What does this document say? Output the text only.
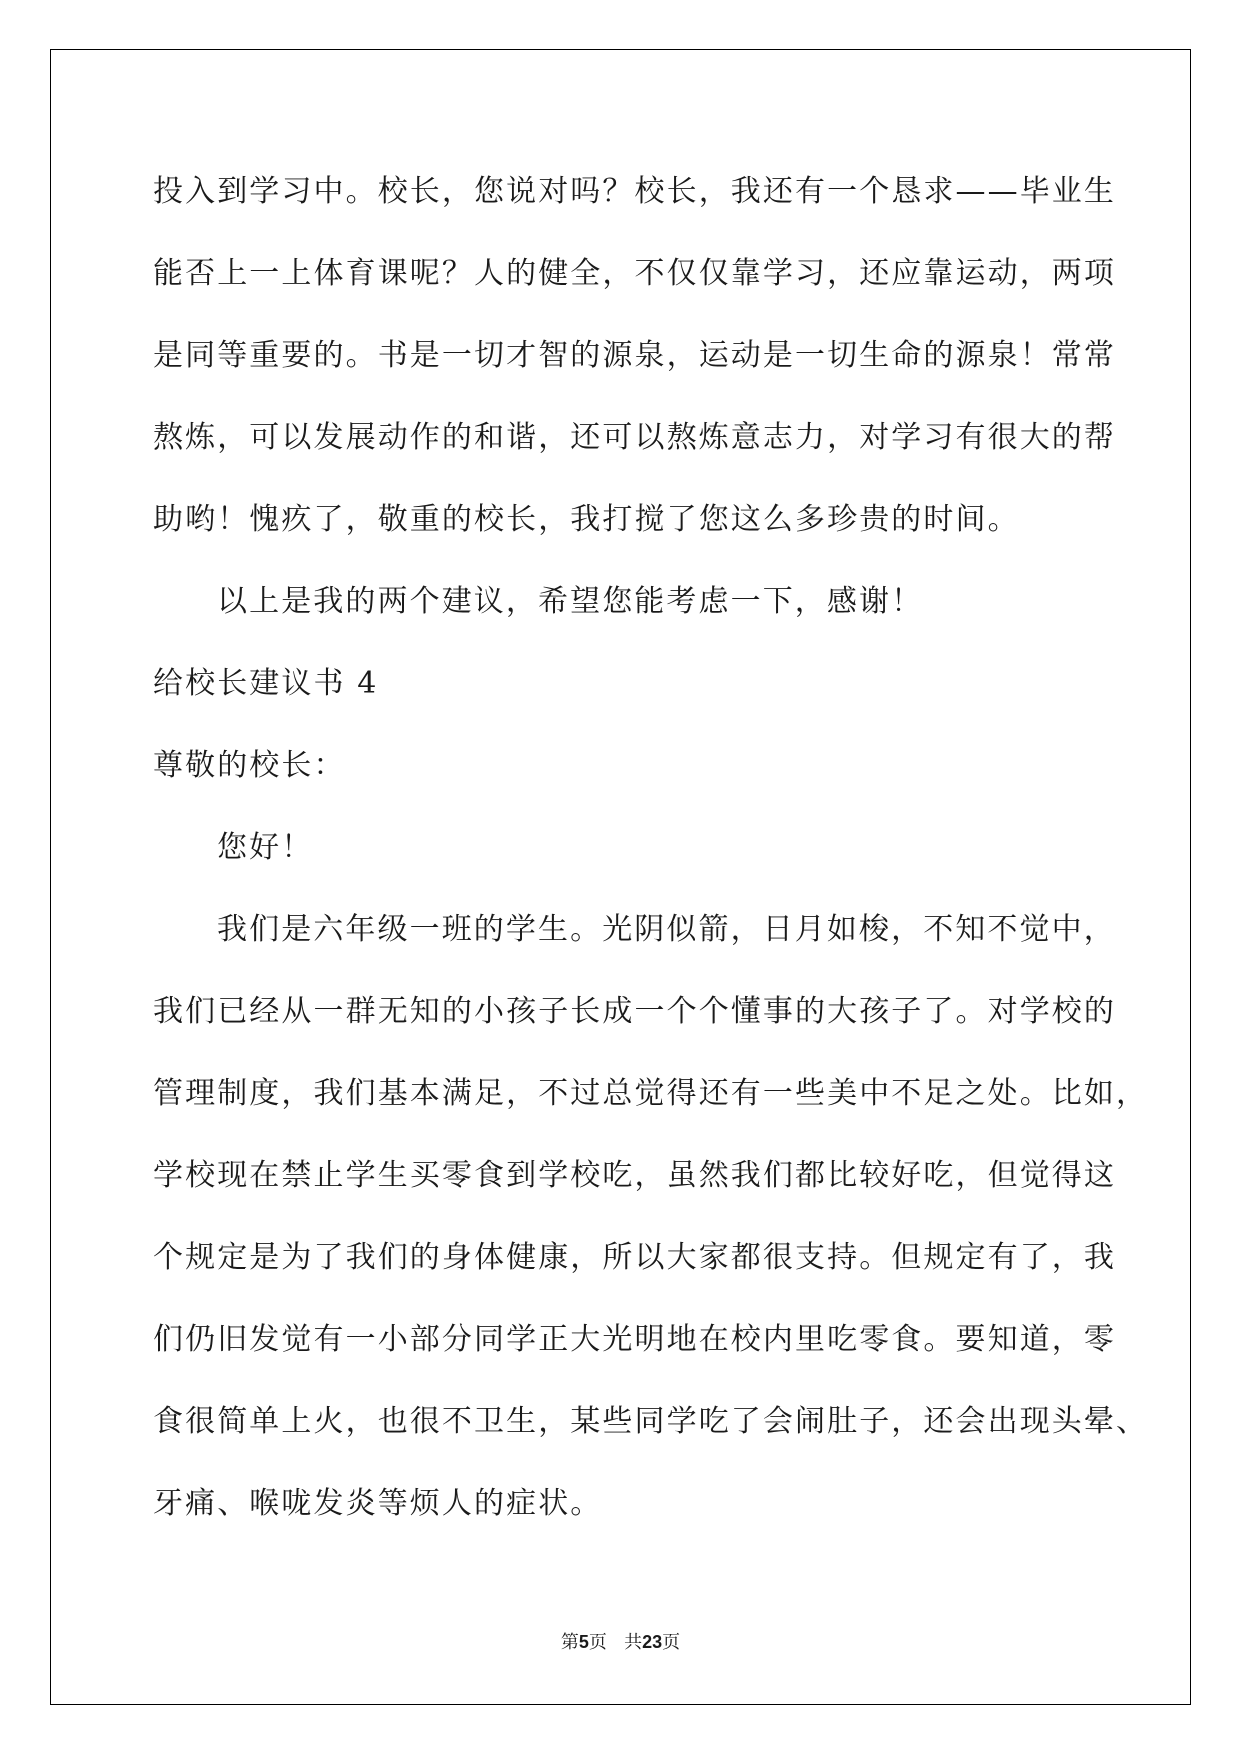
投入到学习中。校长，您说对吗？校长，我还有一个恳求——毕业生
能否上一上体育课呢？人的健全，不仅仅靠学习，还应靠运动，两项
是同等重要的。书是一切才智的源泉，运动是一切生命的源泉！常常
熬炼，可以发展动作的和谐，还可以熬炼意志力，对学习有很大的帮
助哟！愧疚了，敬重的校长，我打搅了您这么多珍贵的时间。
以上是我的两个建议，希望您能考虑一下，感谢！
给校长建议书 4
尊敬的校长：
您好！
我们是六年级一班的学生。光阴似箭，日月如梭，不知不觉中，
我们已经从一群无知的小孩子长成一个个懂事的大孩子了。对学校的
管理制度，我们基本满足，不过总觉得还有一些美中不足之处。比如，
学校现在禁止学生买零食到学校吃，虽然我们都比较好吃，但觉得这
个规定是为了我们的身体健康，所以大家都很支持。但规定有了，我
们仍旧发觉有一小部分同学正大光明地在校内里吃零食。要知道，零
食很简单上火，也很不卫生，某些同学吃了会闹肚子，还会出现头晕、
牙痛、喉咙发炎等烦人的症状。
第5页   共23页
